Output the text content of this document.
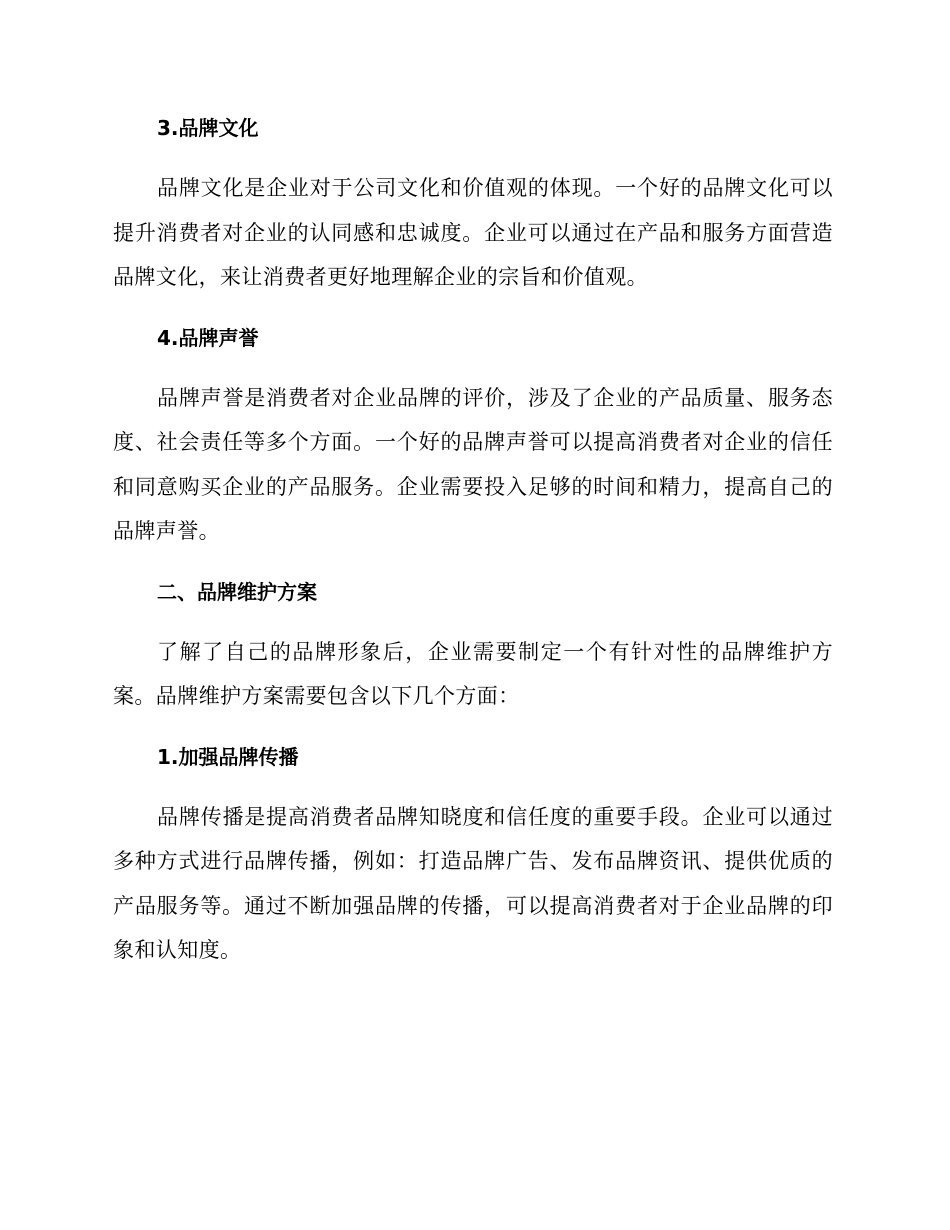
3.品牌文化

品牌文化是企业对于公司文化和价值观的体现。一个好的品牌文化可以提升消费者对企业的认同感和忠诚度。企业可以通过在产品和服务方面营造品牌文化，来让消费者更好地理解企业的宗旨和价值观。

4.品牌声誉

品牌声誉是消费者对企业品牌的评价，涉及了企业的产品质量、服务态度、社会责任等多个方面。一个好的品牌声誉可以提高消费者对企业的信任和同意购买企业的产品服务。企业需要投入足够的时间和精力，提高自己的品牌声誉。

二、品牌维护方案

了解了自己的品牌形象后，企业需要制定一个有针对性的品牌维护方案。品牌维护方案需要包含以下几个方面：

1.加强品牌传播

品牌传播是提高消费者品牌知晓度和信任度的重要手段。企业可以通过多种方式进行品牌传播，例如：打造品牌广告、发布品牌资讯、提供优质的产品服务等。通过不断加强品牌的传播，可以提高消费者对于企业品牌的印象和认知度。
